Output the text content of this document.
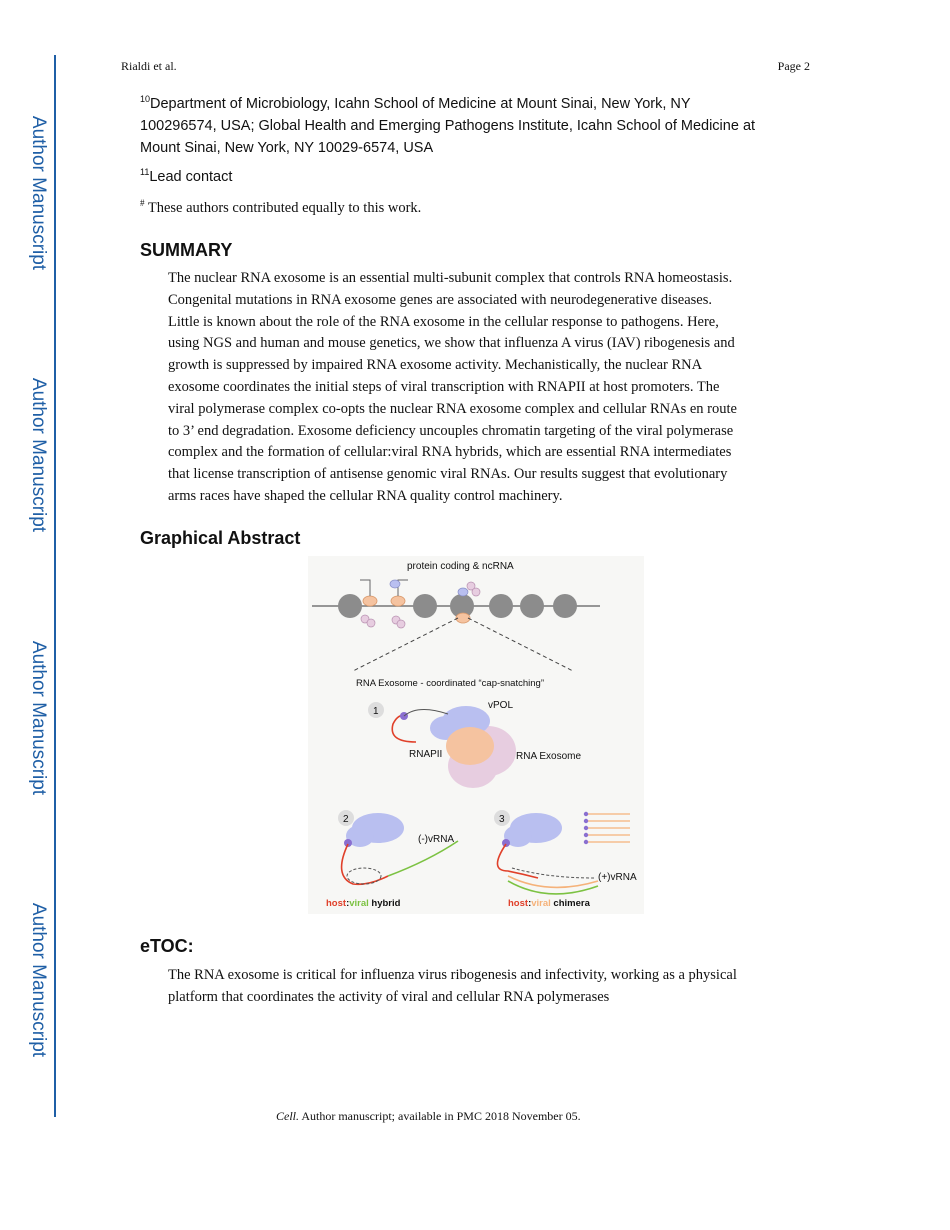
Author Manuscript
Author Manuscript
Author Manuscript
Author Manuscript
Rialdi et al.	Page 2
$^{10}$Department of Microbiology, Icahn School of Medicine at Mount Sinai, New York, NY
100296574, USA; Global Health and Emerging Pathogens Institute, Icahn School of Medicine at
Mount Sinai, New York, NY 10029-6574, USA
$^{11}$Lead contact
# These authors contributed equally to this work.
SUMMARY

The nuclear RNA exosome is an essential multi-subunit complex that controls RNA homeostasis.

Congenital mutations in RNA exosome genes are associated with neurodegenerative diseases.

Little is known about the role of the RNA exosome in the cellular response to pathogens. Here,

using NGS and human and mouse genetics, we show that influenza A virus (IAV) ribogenesis and

growth is suppressed by impaired RNA exosome activity. Mechanistically, the nuclear RNA

exosome coordinates the initial steps of viral transcription with RNAPII at host promoters. The

viral polymerase complex co-opts the nuclear RNA exosome complex and cellular RNAs en route

to 3’ end degradation. Exosome deficiency uncouples chromatin targeting of the viral polymerase

complex and the formation of cellular:viral RNA hybrids, which are essential RNA intermediates

that license transcription of antisense genomic viral RNAs. Our results suggest that evolutionary

arms races have shaped the cellular RNA quality control machinery.

Graphical Abstract
protein coding & ncRNA
RNA Exosome - coordinated “cap-snatching”
1
vPOL
RNAPII	RNA Exosome
2
(-)vRNA
host:viral hybrid
3
(+)vRNA
host:viral chimera
eTOC:

The RNA exosome is critical for influenza virus ribogenesis and infectivity, working as a physical

platform that coordinates the activity of viral and cellular RNA polymerases

Cell. Author manuscript; available in PMC 2018 November 05.
